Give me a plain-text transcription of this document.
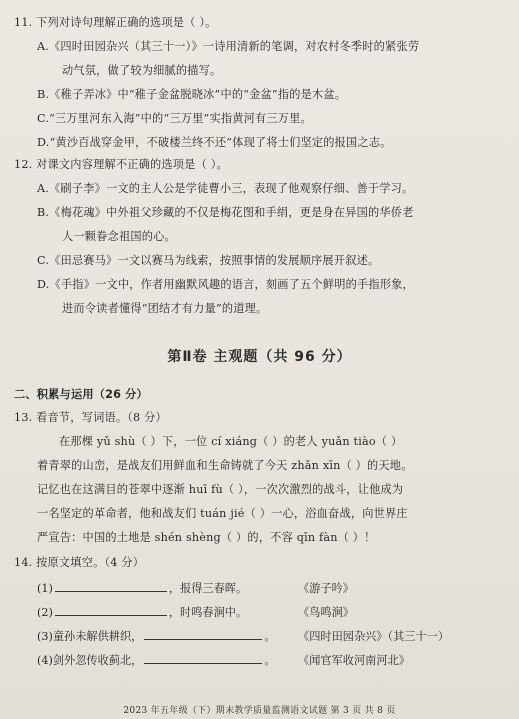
11. 下列对诗句理解正确的选项是（ ）。
A.《四时田园杂兴（其三十一）》一诗用清新的笔调，对农村冬季时的紧张劳
动气氛，做了较为细腻的描写。
B.《稚子弄冰》中“稚子金盆脱晓冰”中的“金盆”指的是木盆。
C.“三万里河东入海”中的“三万里”实指黄河有三万里。
D.“黄沙百战穿金甲，不破楼兰终不还”体现了将士们坚定的报国之志。
12. 对课文内容理解不正确的选项是（ ）。
A.《刷子李》一文的主人公是学徒曹小三，表现了他观察仔细、善于学习。
B.《梅花魂》中外祖父珍藏的不仅是梅花图和手绢，更是身在异国的华侨老
人一颗眷念祖国的心。
C.《田忌赛马》一文以赛马为线索，按照事情的发展顺序展开叙述。
D.《手指》一文中，作者用幽默风趣的语言，刻画了五个鲜明的手指形象，
进而令读者懂得“团结才有力量”的道理。
第Ⅱ卷 主观题（共 96 分）
二、积累与运用（26 分）
13. 看音节，写词语。（8 分）
在那棵 yǔ shù（ ）下，一位 cí xiáng（ ）的老人 yuǎn tiào（ ）
着青翠的山峦，是战友们用鲜血和生命铸就了今天 zhǎn xīn（ ）的天地。
记忆也在这满目的苍翠中逐渐 huī fù（ ），一次次激烈的战斗，让他成为
一名坚定的革命者，他和战友们 tuán jié（ ）一心，浴血奋战，向世界庄
严宣告：中国的土地是 shén shèng（ ）的，不容 qīn fàn（ ）！
14. 按原文填空。（4 分）
(1)	，报得三春晖。	《游子吟》
(2)	，时鸣春涧中。	《鸟鸣涧》
(3)童孙未解供耕织，	。 《四时田园杂兴》（其三十一）
(4)剑外忽传收蓟北，	。 《闻官军收河南河北》
2023 年五年级（下）期末教学质量监测语文试题 第 3 页 共 8 页
